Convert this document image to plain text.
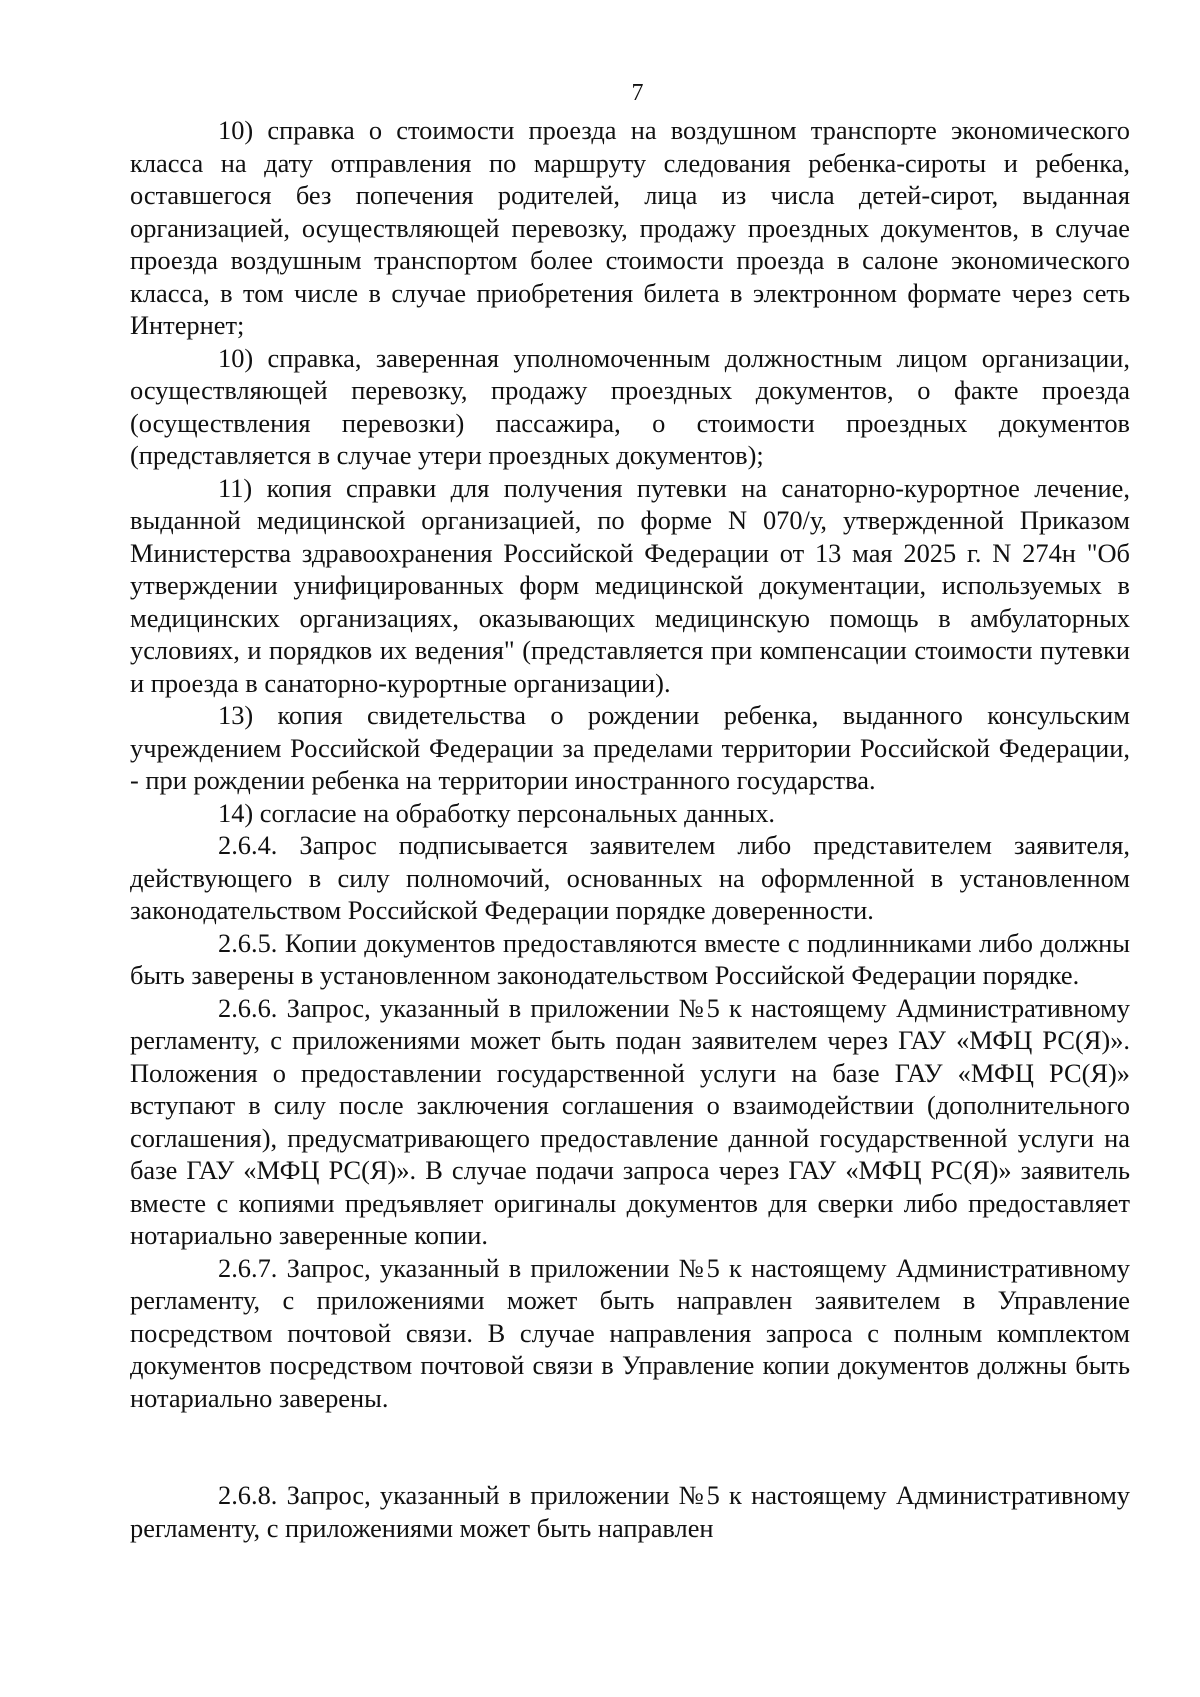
7

10) справка о стоимости проезда на воздушном транспорте экономического класса на дату отправления по маршруту следования ребенка-сироты и ребенка, оставшегося без попечения родителей, лица из числа детей-сирот, выданная организацией, осуществляющей перевозку, продажу проездных документов, в случае проезда воздушным транспортом более стоимости проезда в салоне экономического класса, в том числе в случае приобретения билета в электронном формате через сеть Интернет;

10) справка, заверенная уполномоченным должностным лицом организации, осуществляющей перевозку, продажу проездных документов, о факте проезда (осуществления перевозки) пассажира, о стоимости проездных документов (представляется в случае утери проездных документов);

11) копия справки для получения путевки на санаторно-курортное лечение, выданной медицинской организацией, по форме N 070/у, утвержденной Приказом Министерства здравоохранения Российской Федерации от 13 мая 2025 г. N 274н "Об утверждении унифицированных форм медицинской документации, используемых в медицинских организациях, оказывающих медицинскую помощь в амбулаторных условиях, и порядков их ведения" (представляется при компенсации стоимости путевки и проезда в санаторно-курортные организации).

13) копия свидетельства о рождении ребенка, выданного консульским учреждением Российской Федерации за пределами территории Российской Федерации, - при рождении ребенка на территории иностранного государства.

14) согласие на обработку персональных данных.

2.6.4. Запрос подписывается заявителем либо представителем заявителя, действующего в силу полномочий, основанных на оформленной в установленном законодательством Российской Федерации порядке доверенности.

2.6.5. Копии документов предоставляются вместе с подлинниками либо должны быть заверены в установленном законодательством Российской Федерации порядке.

2.6.6. Запрос, указанный в приложении №5 к настоящему Административному регламенту, с приложениями может быть подан заявителем через ГАУ «МФЦ РС(Я)». Положения о предоставлении государственной услуги на базе ГАУ «МФЦ РС(Я)» вступают в силу после заключения соглашения о взаимодействии (дополнительного соглашения), предусматривающего предоставление данной государственной услуги на базе ГАУ «МФЦ РС(Я)». В случае подачи запроса через ГАУ «МФЦ РС(Я)» заявитель вместе с копиями предъявляет оригиналы документов для сверки либо предоставляет нотариально заверенные копии.

2.6.7. Запрос, указанный в приложении №5 к настоящему Административному регламенту, с приложениями может быть направлен заявителем в Управление посредством почтовой связи. В случае направления запроса с полным комплектом документов посредством почтовой связи в Управление копии документов должны быть нотариально заверены.

2.6.8. Запрос, указанный в приложении №5 к настоящему Административному регламенту, с приложениями может быть направлен
